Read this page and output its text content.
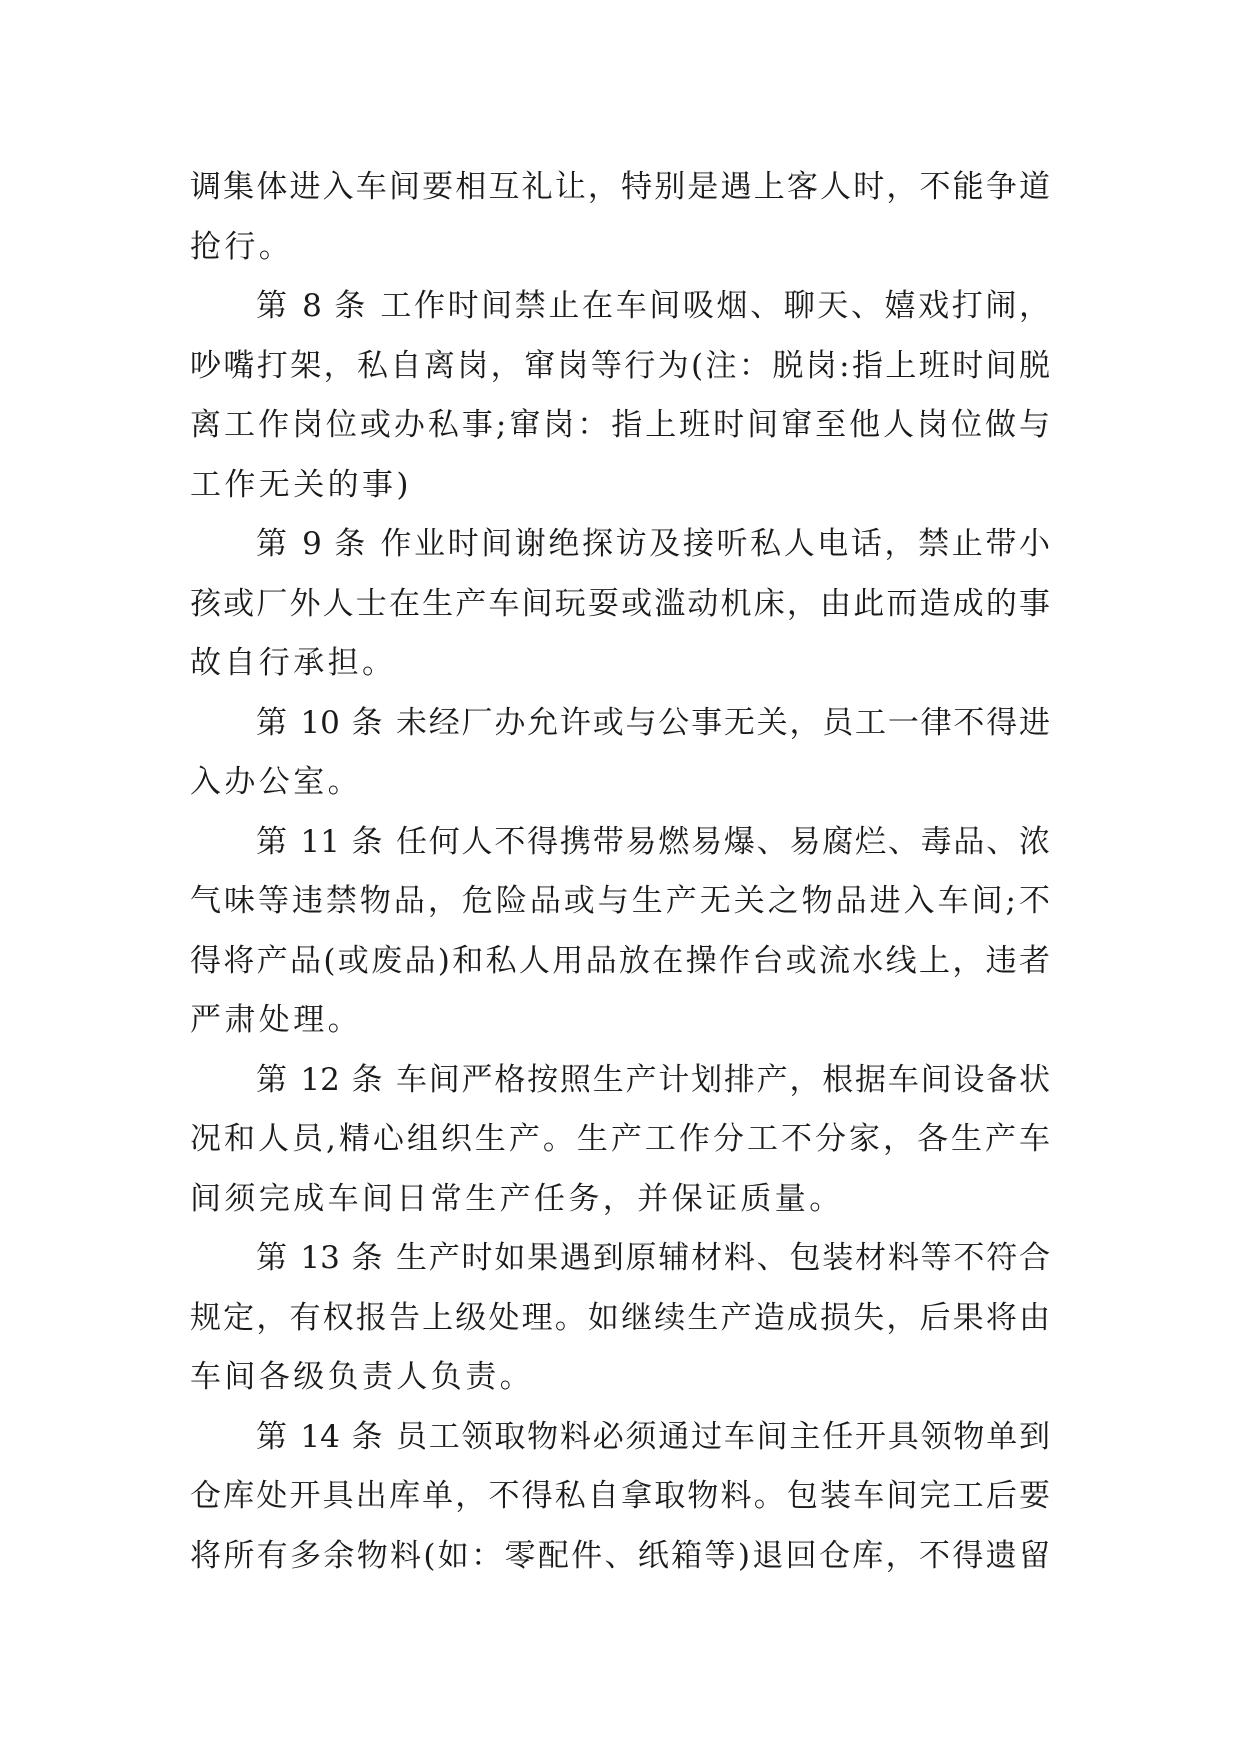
调集体进入车间要相互礼让，特别是遇上客人时，不能争道
抢行。
第 8 条 工作时间禁止在车间吸烟、聊天、嬉戏打闹，
吵嘴打架，私自离岗，窜岗等行为(注：脱岗:指上班时间脱
离工作岗位或办私事;窜岗：指上班时间窜至他人岗位做与
工作无关的事)
第 9 条 作业时间谢绝探访及接听私人电话，禁止带小
孩或厂外人士在生产车间玩耍或滥动机床，由此而造成的事
故自行承担。
第 10 条 未经厂办允许或与公事无关，员工一律不得进
入办公室。
第 11 条 任何人不得携带易燃易爆、易腐烂、毒品、浓
气味等违禁物品，危险品或与生产无关之物品进入车间;不
得将产品(或废品)和私人用品放在操作台或流水线上，违者
严肃处理。
第 12 条 车间严格按照生产计划排产，根据车间设备状
况和人员,精心组织生产。生产工作分工不分家，各生产车
间须完成车间日常生产任务，并保证质量。
第 13 条 生产时如果遇到原辅材料、包装材料等不符合
规定，有权报告上级处理。如继续生产造成损失，后果将由
车间各级负责人负责。
第 14 条 员工领取物料必须通过车间主任开具领物单到
仓库处开具出库单，不得私自拿取物料。包装车间完工后要
将所有多余物料(如：零配件、纸箱等)退回仓库，不得遗留
